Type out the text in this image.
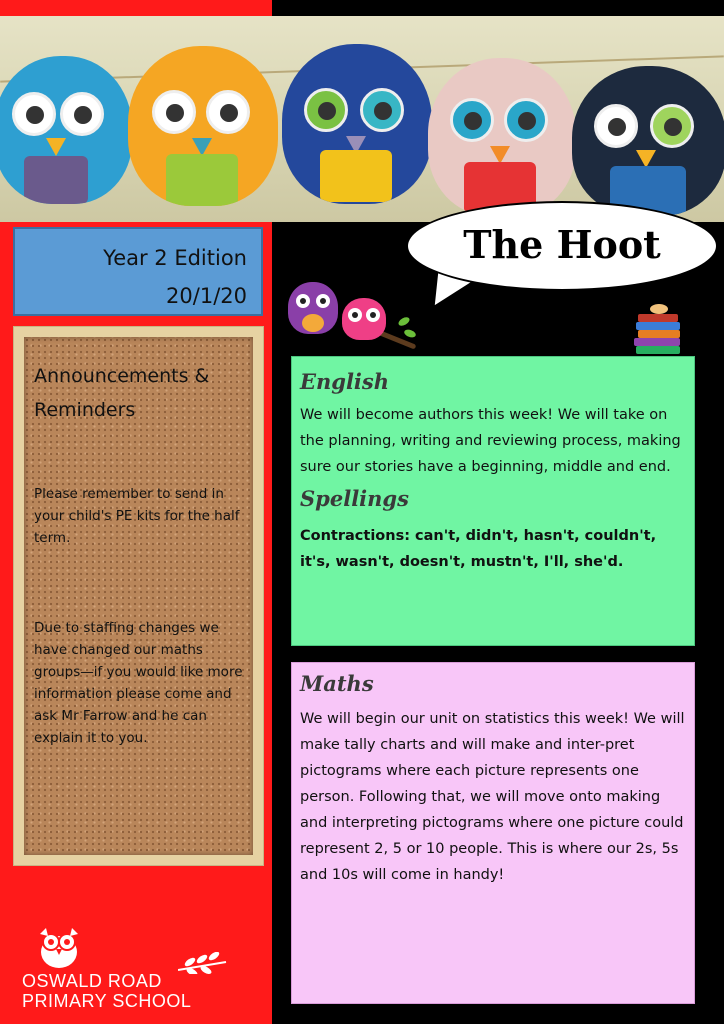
Year 2 Edition
20/1/20
Announcements & Reminders
Please remember to send in your child's PE kits for the half term.
Due to staffing changes we have changed our maths groups—if you would like more information please come and ask Mr Farrow and he can explain it to you.
The Hoot
English
We will become authors this week! We will take on the planning, writing and reviewing process, making sure our stories have a beginning, middle and end.
Spellings
Contractions: can't, didn't, hasn't, couldn't, it's, wasn't, doesn't, mustn't, I'll, she'd.
Maths
We will begin our unit on statistics this week! We will make tally charts and will make and inter-pret pictograms where each picture represents one person. Following that, we will move onto making and interpreting pictograms where one picture could represent 2, 5 or 10 people. This is where our 2s, 5s and 10s will come in handy!
OSWALD ROAD
PRIMARY SCHOOL
